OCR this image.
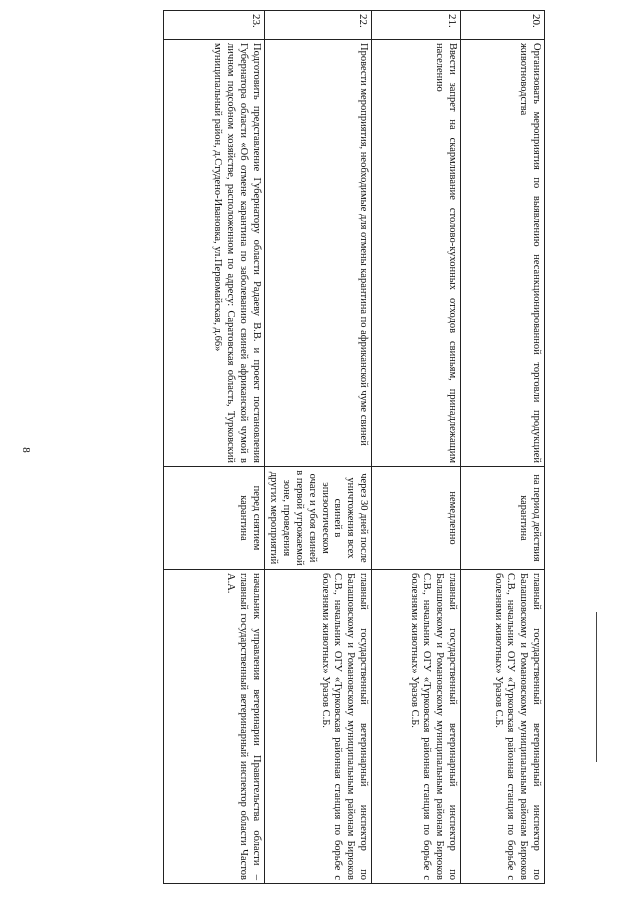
8
20.	Организовать мероприятия по выявлению несанкционированной торговли продукцией животноводства	на период действия карантина	главный государственный ветеринарный инспектор по Балашовскому и Романовскому муниципальным районам Бирюков С.В., начальник ОГУ «Турковская районная станция по борьбе с болезнями животных» Уразов С.Б.
21.	Ввести запрет на скармливание столово-кухонных отходов свиньям, принадлежащим населению	немедленно	главный государственный ветеринарный инспектор по Балашовскому и Романовскому муниципальным районам Бирюков С.В., начальник ОГУ «Турковская районная станция по борьбе с болезнями животных» Уразов С.Б.
22.	Провести мероприятия, необходимые для отмены карантина по африканской чуме свиней	через 30 дней после уничтожения всех свиней в эпизоотическом очаге и убоя свиней в первой угрожаемой зоне, проведения других мероприятий	главный государственный ветеринарный инспектор по Балашовскому и Романовскому муниципальным районам Бирюков С.В., начальник ОГУ «Турковская районная станция по борьбе с болезнями животных» Уразов С.Б.
23.	Подготовить представление Губернатору области Радаеву В.В. и проект постановления Губернатора области «Об отмене карантина по заболеванию свиней африканской чумой в личном подсобном хозяйстве, расположенном по адресу: Саратовская область, Турковский муниципальный район, д.Студено-Ивановка, ул.Первомайская, д.66»	перед снятием карантина	начальник управления ветеринарии Правительства области – главный государственный ветеринарный инспектор области Частов А.А.
